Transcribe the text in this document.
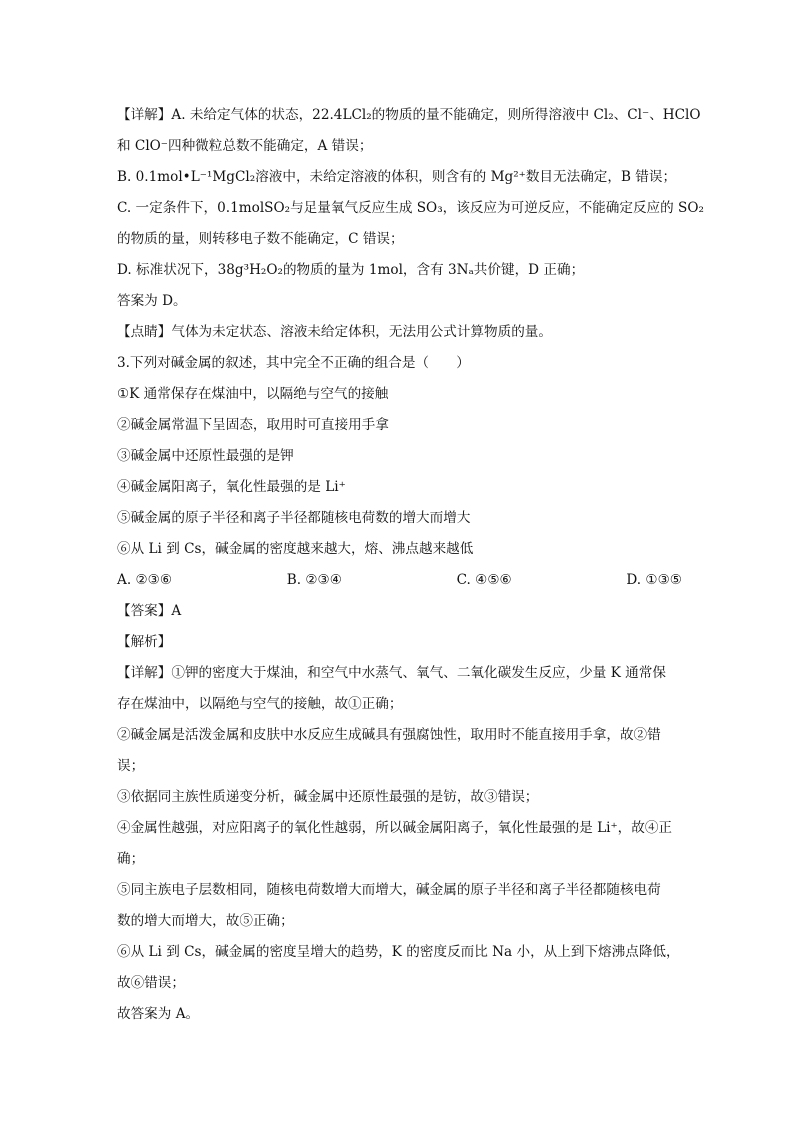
【详解】A. 未给定气体的状态，22.4LCl₂的物质的量不能确定，则所得溶液中 Cl₂、Cl⁻、HClO
和 ClO⁻四种微粒总数不能确定，A 错误；
B. 0.1mol•L⁻¹MgCl₂溶液中，未给定溶液的体积，则含有的 Mg²⁺数目无法确定，B 错误；
C. 一定条件下，0.1molSO₂与足量氧气反应生成 SO₃，该反应为可逆反应，不能确定反应的 SO₂
的物质的量，则转移电子数不能确定，C 错误；
D. 标准状况下，38g³H₂O₂的物质的量为 1mol，含有 3Nₐ共价键，D 正确；
答案为 D。
【点睛】气体为未定状态、溶液未给定体积，无法用公式计算物质的量。
3.下列对碱金属的叙述，其中完全不正确的组合是（　　）
①K 通常保存在煤油中，以隔绝与空气的接触
②碱金属常温下呈固态，取用时可直接用手拿
③碱金属中还原性最强的是钾
④碱金属阳离子，氧化性最强的是 Li⁺
⑤碱金属的原子半径和离子半径都随核电荷数的增大而增大
⑥从 Li 到 Cs，碱金属的密度越来越大，熔、沸点越来越低
A. ②③⑥	B. ②③④	C. ④⑤⑥	D. ①③⑤
【答案】A
【解析】
【详解】①钾的密度大于煤油，和空气中水蒸气、氧气、二氧化碳发生反应，少量 K 通常保
存在煤油中，以隔绝与空气的接触，故①正确；
②碱金属是活泼金属和皮肤中水反应生成碱具有强腐蚀性，取用时不能直接用手拿，故②错
误；
③依据同主族性质递变分析，碱金属中还原性最强的是钫，故③错误；
④金属性越强，对应阳离子的氧化性越弱，所以碱金属阳离子，氧化性最强的是 Li⁺，故④正
确；
⑤同主族电子层数相同，随核电荷数增大而增大，碱金属的原子半径和离子半径都随核电荷
数的增大而增大，故⑤正确；
⑥从 Li 到 Cs，碱金属的密度呈增大的趋势，K 的密度反而比 Na 小，从上到下熔沸点降低，
故⑥错误；
故答案为 A。
